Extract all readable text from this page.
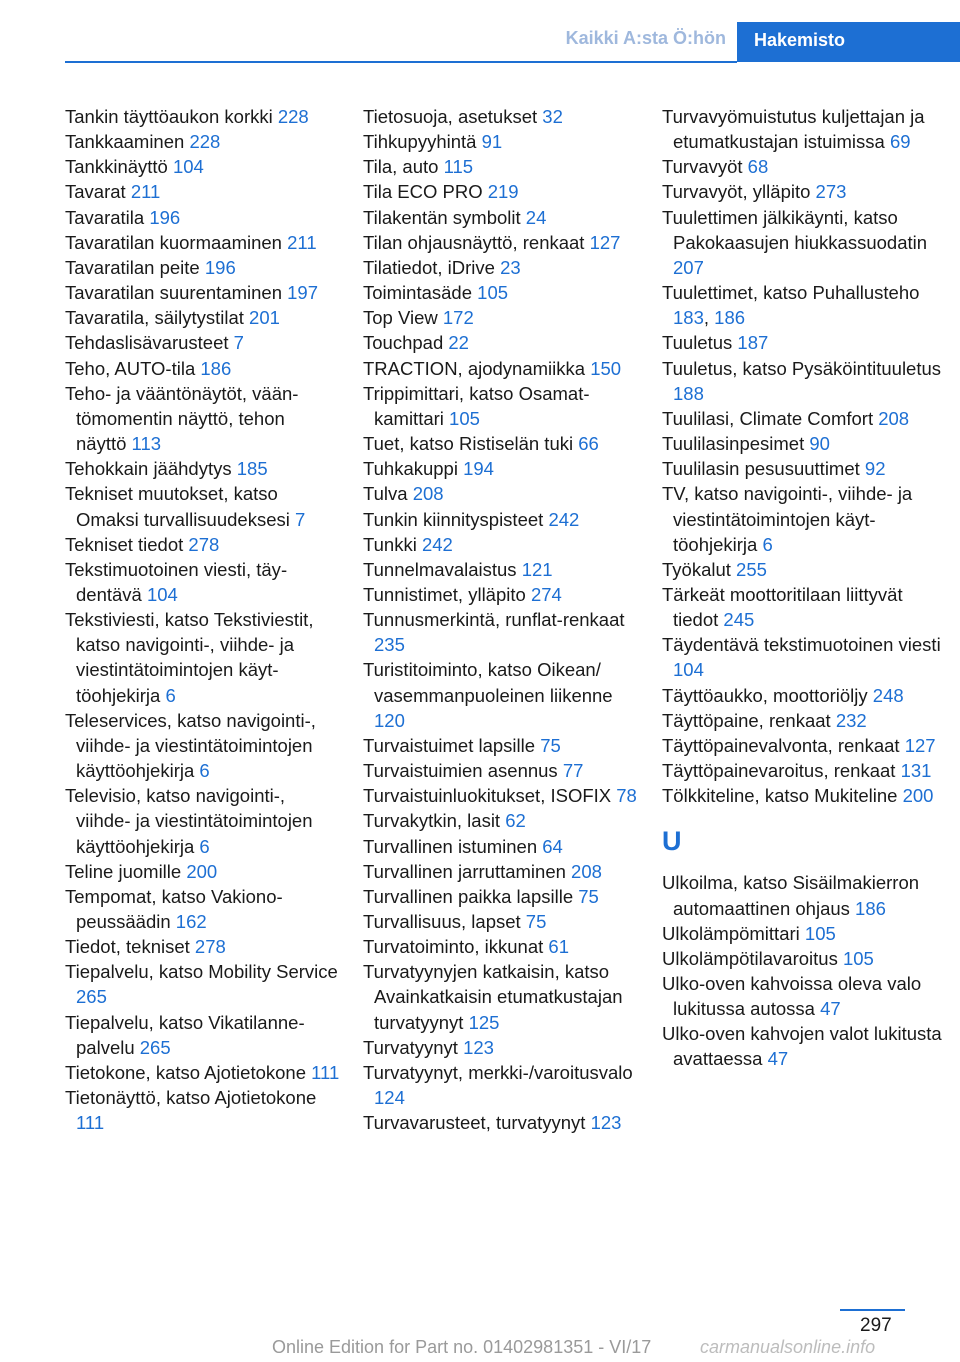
Kaikki A:sta Ö:hön	Hakemisto
Tankin täyttöaukon korkki 228
Tankkaaminen 228
Tankkinäyttö 104
Tavarat 211
Tavaratila 196
Tavaratilan kuormaaminen 211
Tavaratilan peite 196
Tavaratilan suurentaminen 197
Tavaratila, säilytystilat 201
Tehdaslisävarusteet 7
Teho, AUTO-tila 186
Teho- ja vääntönäytöt, vääntömomentin näyttö, tehon näyttö 113
Tehokkain jäähdytys 185
Tekniset muutokset, katso Omaksi turvallisuudeksesi 7
Tekniset tiedot 278
Tekstimuotoinen viesti, täydentävä 104
Tekstiviesti, katso Tekstiviestit, katso navigointi-, viihde- ja viestintätoimintojen käyttöohjekirja 6
Teleservices, katso navigointi-, viihde- ja viestintätoimintojen käyttöohjekirja 6
Televisio, katso navigointi-, viihde- ja viestintätoimintojen käyttöohjekirja 6
Teline juomille 200
Tempomat, katso Vakionopeussäädin 162
Tiedot, tekniset 278
Tiepalvelu, katso Mobility Service 265
Tiepalvelu, katso Vikatilannepalvelu 265
Tietokone, katso Ajotietokone 111
Tietonäyttö, katso Ajotietokone 111
Tietosuoja, asetukset 32
Tihkupyyhintä 91
Tila, auto 115
Tila ECO PRO 219
Tilakentän symbolit 24
Tilan ohjausnäyttö, renkaat 127
Tilatiedot, iDrive 23
Toimintasäde 105
Top View 172
Touchpad 22
TRACTION, ajodynamiikka 150
Trippimittari, katso Osamatkamittari 105
Tuet, katso Ristiselän tuki 66
Tuhkakuppi 194
Tulva 208
Tunkin kiinnityspisteet 242
Tunkki 242
Tunnelmavalaistus 121
Tunnistimet, ylläpito 274
Tunnusmerkintä, runflat-renkaat 235
Turistitoiminto, katso Oikean/ vasemmanpuoleinen liikenne 120
Turvaistuimet lapsille 75
Turvaistuimien asennus 77
Turvaistuinluokitukset, ISOFIX 78
Turvakytkin, lasit 62
Turvallinen istuminen 64
Turvallinen jarruttaminen 208
Turvallinen paikka lapsille 75
Turvallisuus, lapset 75
Turvatoiminto, ikkunat 61
Turvatyynyjen katkaisin, katso Avainkatkaisin etumatkustajan turvatyynyt 125
Turvatyynyt 123
Turvatyynyt, merkki-/varoitusvalo 124
Turvavarusteet, turvatyynyt 123
Turvavyömuistutus kuljettajan ja etumatkustajan istuimissa 69
Turvavyöt 68
Turvavyöt, ylläpito 273
Tuulettimen jälkikäynti, katso Pakokaasujen hiukkassuodatin 207
Tuulettimet, katso Puhallusteho 183, 186
Tuuletus 187
Tuuletus, katso Pysäköintituuletus 188
Tuulilasi, Climate Comfort 208
Tuulilasinpesimet 90
Tuulilasin pesusuuttimet 92
TV, katso navigointi-, viihde- ja viestintätoimintojen käyttöohjekirja 6
Työkalut 255
Tärkeät moottoritilaan liittyvät tiedot 245
Täydentävä tekstimuotoinen viesti 104
Täyttöaukko, moottoriöljy 248
Täyttöpaine, renkaat 232
Täyttöpainevalvonta, renkaat 127
Täyttöpainevaroitus, renkaat 131
Tölkkiteline, katso Mukiteline 200
U
Ulkoilma, katso Sisäilmakierron automaattinen ohjaus 186
Ulkolämpömittari 105
Ulkolämpötilavaroitus 105
Ulko-oven kahvoissa oleva valo lukitussa autossa 47
Ulko-oven kahvojen valot lukitusta avattaessa 47
297
Online Edition for Part no. 01402981351 - VI/17	carmanualsonline.info
